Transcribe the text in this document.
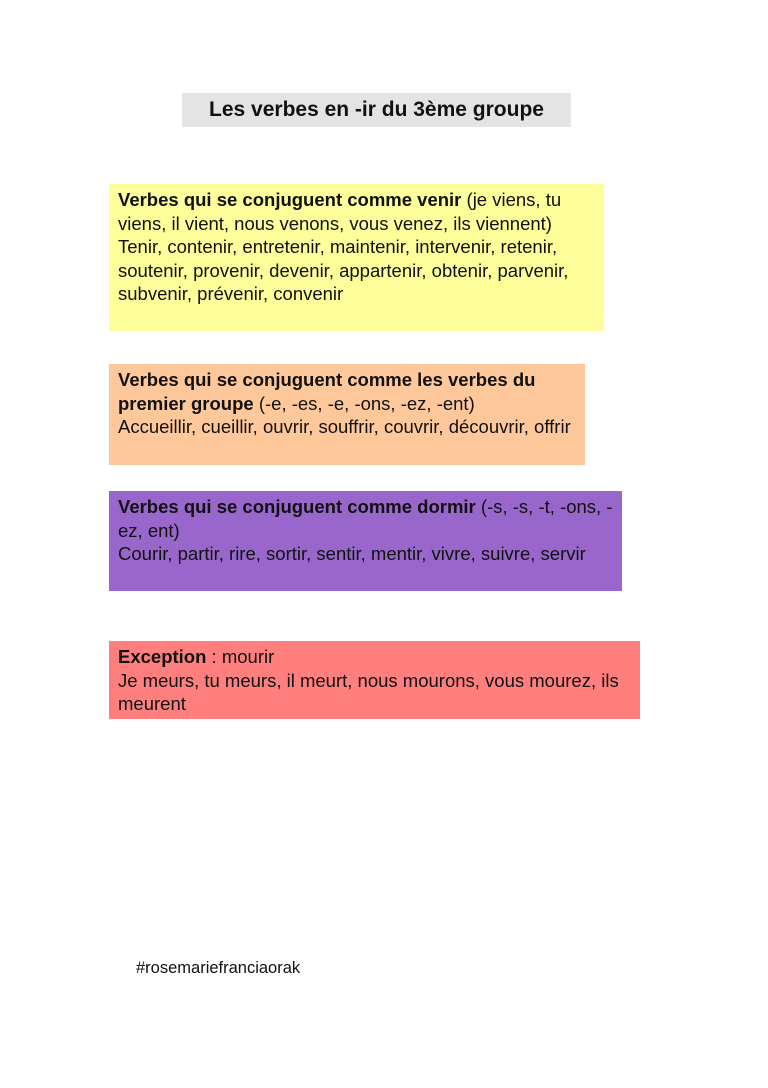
Les verbes en -ir du 3ème groupe

Verbes qui se conjuguent comme venir (je viens, tu viens, il vient, nous venons, vous venez, ils viennent)

Tenir, contenir, entretenir, maintenir, intervenir, retenir, soutenir, provenir, devenir, appartenir, obtenir, parvenir, subvenir, prévenir, convenir

Verbes qui se conjuguent comme les verbes du premier groupe (-e, -es, -e, -ons, -ez, -ent)

Accueillir, cueillir, ouvrir, souffrir, couvrir, découvrir, offrir

Verbes qui se conjuguent comme dormir (-s, -s, -t, -ons, -ez, ent)

Courir, partir, rire, sortir, sentir, mentir, vivre, suivre, servir

Exception : mourir

Je meurs, tu meurs, il meurt, nous mourons, vous mourez, ils meurent

#rosemariefranciaorak
